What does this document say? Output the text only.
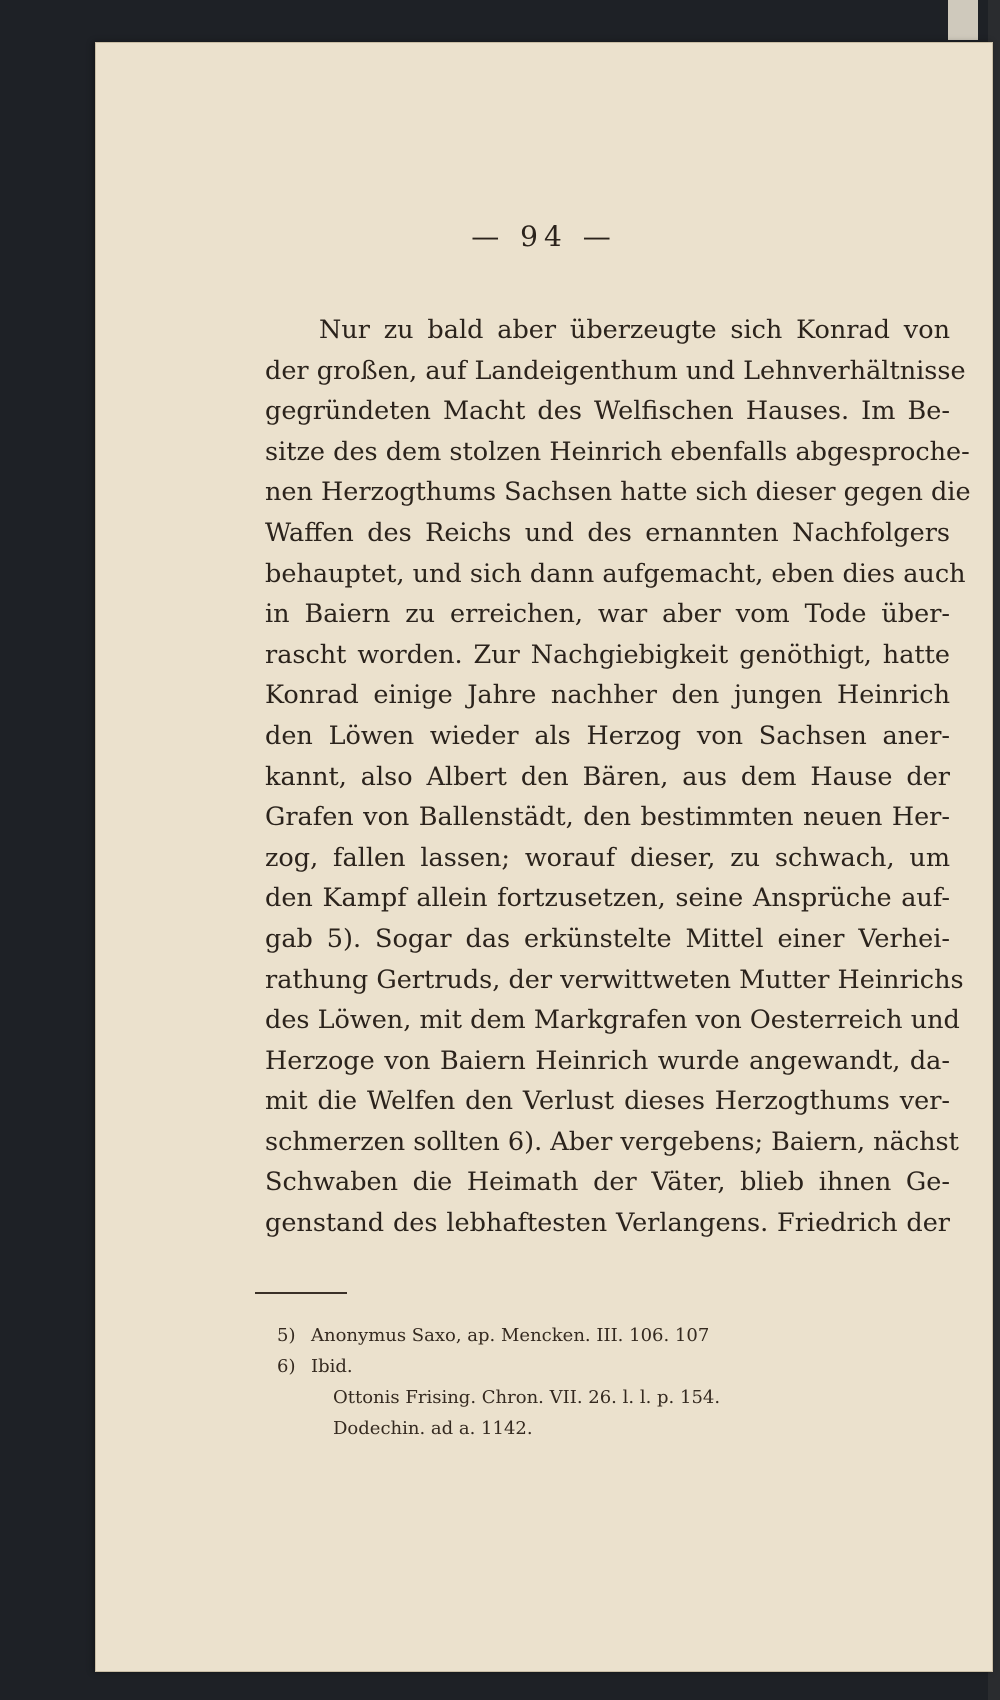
— 94 —
Nur zu bald aber überzeugte sich Konrad von
der großen, auf Landeigenthum und Lehnverhältnisse
gegründeten Macht des Welfischen Hauses. Im Be-
sitze des dem stolzen Heinrich ebenfalls abgesproche-
nen Herzogthums Sachsen hatte sich dieser gegen die
Waffen des Reichs und des ernannten Nachfolgers
behauptet, und sich dann aufgemacht, eben dies auch
in Baiern zu erreichen, war aber vom Tode über-
rascht worden. Zur Nachgiebigkeit genöthigt, hatte
Konrad einige Jahre nachher den jungen Heinrich
den Löwen wieder als Herzog von Sachsen aner-
kannt, also Albert den Bären, aus dem Hause der
Grafen von Ballenstädt, den bestimmten neuen Her-
zog, fallen lassen; worauf dieser, zu schwach, um
den Kampf allein fortzusetzen, seine Ansprüche auf-
gab 5). Sogar das erkünstelte Mittel einer Verhei-
rathung Gertruds, der verwittweten Mutter Heinrichs
des Löwen, mit dem Markgrafen von Oesterreich und
Herzoge von Baiern Heinrich wurde angewandt, da-
mit die Welfen den Verlust dieses Herzogthums ver-
schmerzen sollten 6). Aber vergebens; Baiern, nächst
Schwaben die Heimath der Väter, blieb ihnen Ge-
genstand des lebhaftesten Verlangens. Friedrich der
5) Anonymus Saxo, ap. Mencken. III. 106. 107
6) Ibid.
Ottonis Frising. Chron. VII. 26. l. l. p. 154.
Dodechin. ad a. 1142.
